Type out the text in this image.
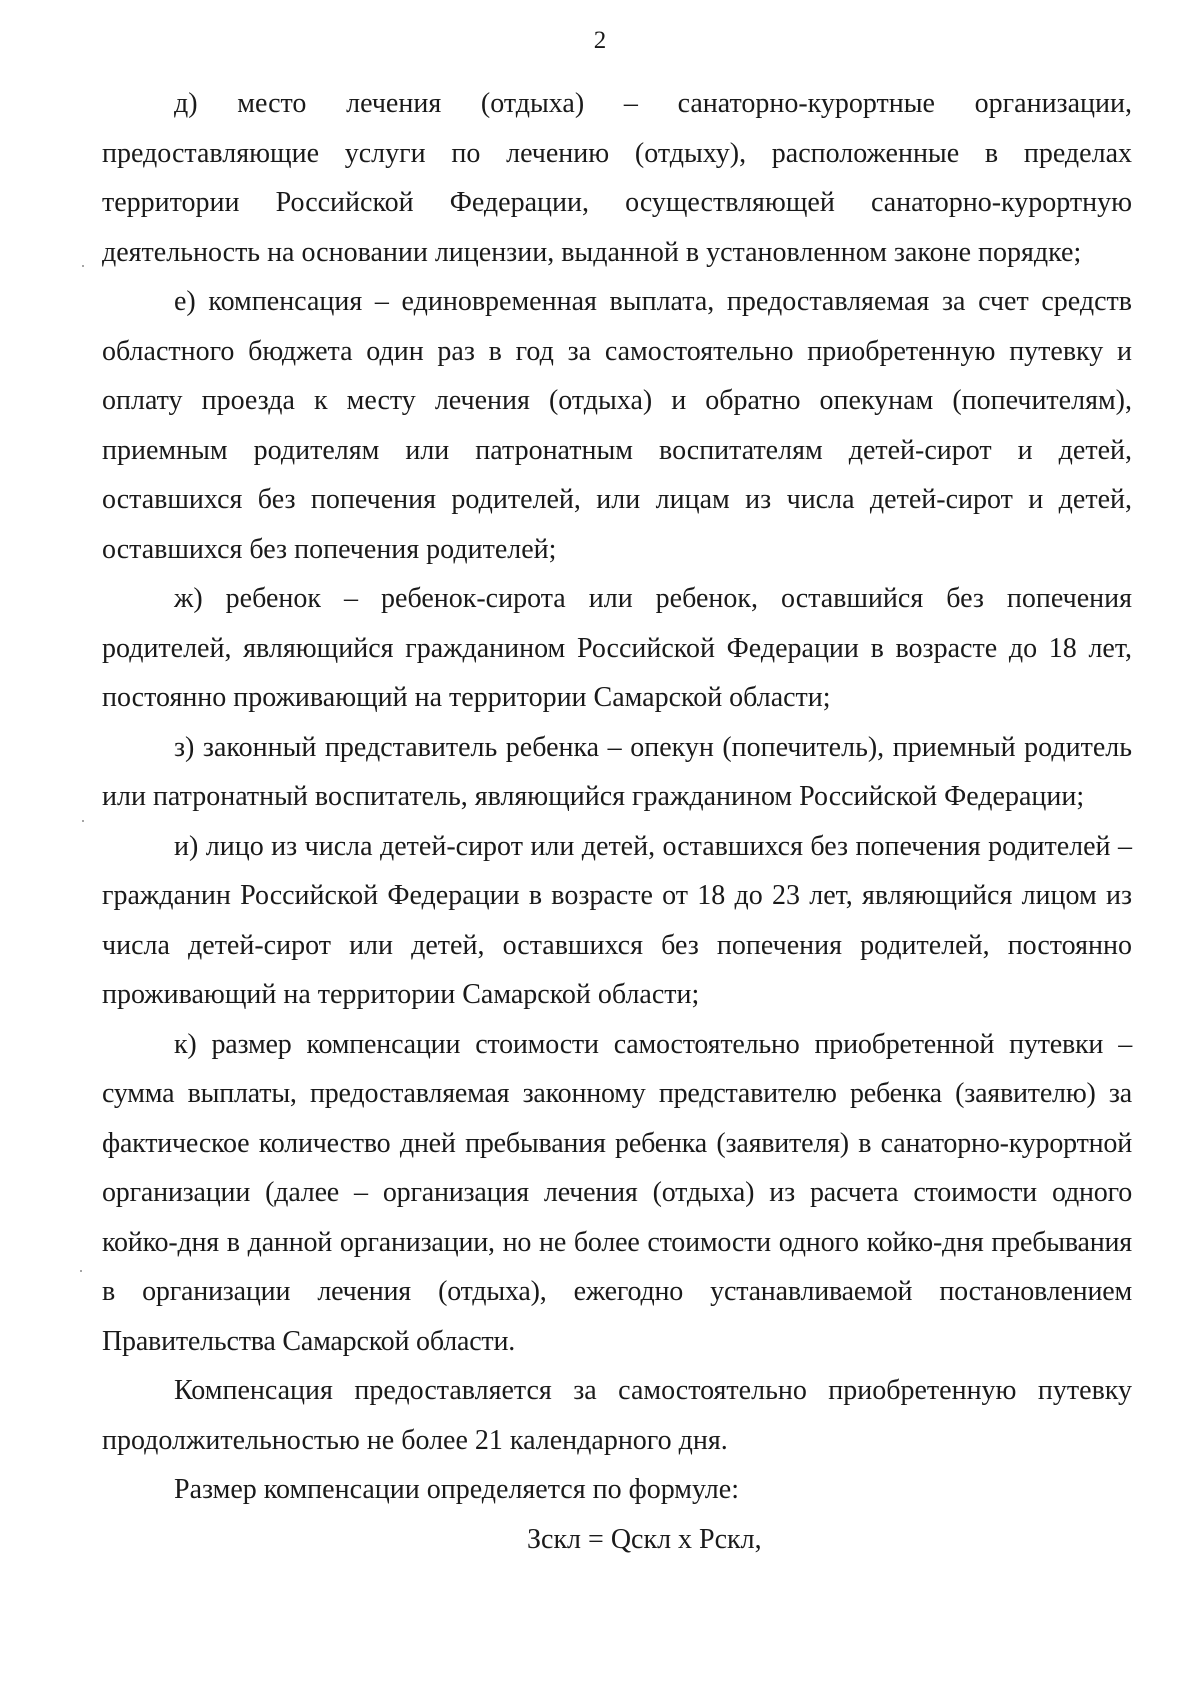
2

д) место лечения (отдыха) – санаторно-курортные организации, предоставляющие услуги по лечению (отдыху), расположенные в пределах территории Российской Федерации, осуществляющей санаторно-курортную деятельность на основании лицензии, выданной в установленном законе порядке;

е) компенсация – единовременная выплата, предоставляемая за счет средств областного бюджета один раз в год за самостоятельно приобретенную путевку и оплату проезда к месту лечения (отдыха) и обратно опекунам (попечителям), приемным родителям или патронатным воспитателям детей-сирот и детей, оставшихся без попечения родителей, или лицам из числа детей-сирот и детей, оставшихся без попечения родителей;

ж) ребенок – ребенок-сирота или ребенок, оставшийся без попечения родителей, являющийся гражданином Российской Федерации в возрасте до 18 лет, постоянно проживающий на территории Самарской области;

з) законный представитель ребенка – опекун (попечитель), приемный родитель или патронатный воспитатель, являющийся гражданином Российской Федерации;

и) лицо из числа детей-сирот или детей, оставшихся без попечения родителей – гражданин Российской Федерации в возрасте от 18 до 23 лет, являющийся лицом из числа детей-сирот или детей, оставшихся без попечения родителей, постоянно проживающий на территории Самарской области;

к) размер компенсации стоимости самостоятельно приобретенной путевки – сумма выплаты, предоставляемая законному представителю ребенка (заявителю) за фактическое количество дней пребывания ребенка (заявителя) в санаторно-курортной организации (далее – организация лечения (отдыха) из расчета стоимости одного койко-дня в данной организации, но не более стоимости одного койко-дня пребывания в организации лечения (отдыха), ежегодно устанавливаемой постановлением Правительства Самарской области.

Компенсация предоставляется за самостоятельно приобретенную путевку продолжительностью не более 21 календарного дня.

Размер компенсации определяется по формуле:

Зскл = Qскл х Рскл,
